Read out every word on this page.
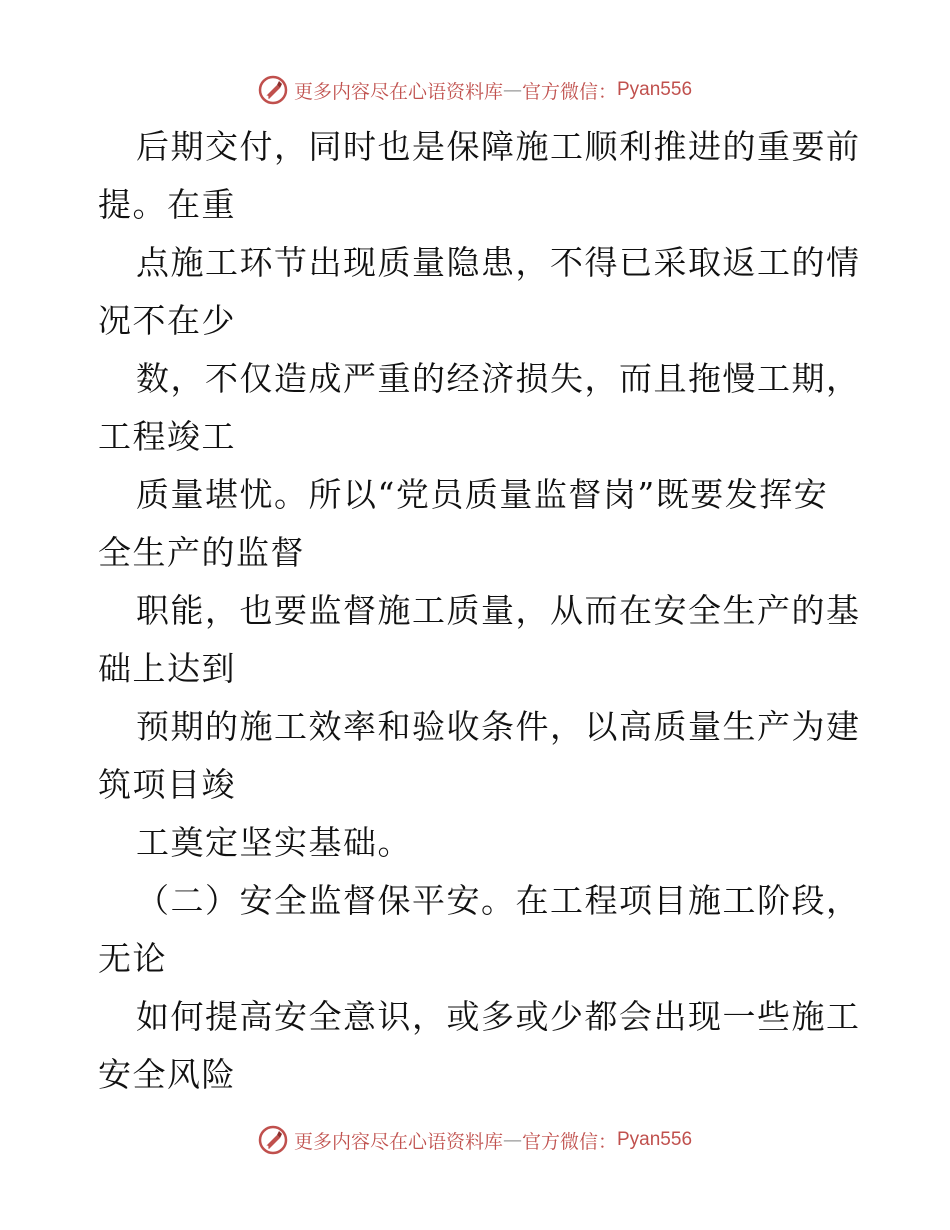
更多内容尽在心语资料库 — 官方微信： Pyan556
后期交付，同时也是保障施工顺利推进的重要前
提。在重
点施工环节出现质量隐患，不得已采取返工的情
况不在少
数，不仅造成严重的经济损失，而且拖慢工期，
工程竣工
质量堪忧。所以“党员质量监督岗”既要发挥安
全生产的监督
职能，也要监督施工质量，从而在安全生产的基
础上达到
预期的施工效率和验收条件，以高质量生产为建
筑项目竣
工奠定坚实基础。
（二）安全监督保平安。在工程项目施工阶段，
无论
如何提高安全意识，或多或少都会出现一些施工
安全风险
更多内容尽在心语资料库 — 官方微信： Pyan556
